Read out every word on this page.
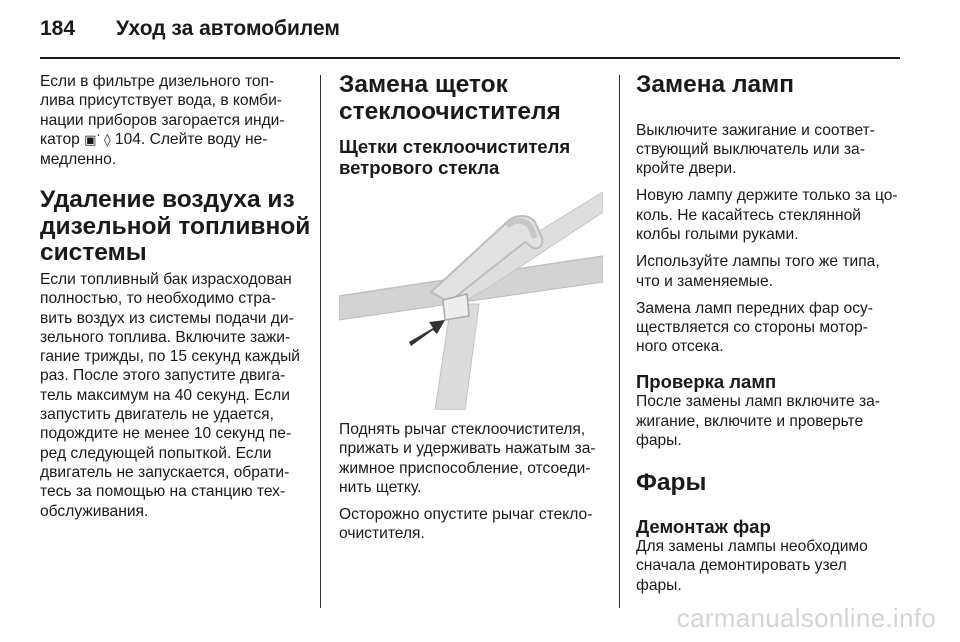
184 Уход за автомобилем

Если в фильтре дизельного топ-
лива присутствует вода, в комби-
нации приборов загорается инди-
катор ▣ᐝ ◊ 104. Слейте воду не-
медленно.

Удаление воздуха из
дизельной топливной
системы

Если топливный бак израсходован
полностью, то необходимо стра-
вить воздух из системы подачи ди-
зельного топлива. Включите зажи-
гание трижды, по 15 секунд каждый
раз. После этого запустите двига-
тель максимум на 40 секунд. Если
запустить двигатель не удается,
подождите не менее 10 секунд пе-
ред следующей попыткой. Если
двигатель не запускается, обрати-
тесь за помощью на станцию тех-
обслуживания.

Замена щеток
стеклоочистителя
Щетки стеклоочистителя
ветрового стекла

Поднять рычаг стеклоочистителя,
прижать и удерживать нажатым за-
жимное приспособление, отсоеди-
нить щетку.

Осторожно опустите рычаг стекло-
очистителя.

Замена ламп

Выключите зажигание и соответ-
ствующий выключатель или за-
кройте двери.

Новую лампу держите только за цо-
коль. Не касайтесь стеклянной
колбы голыми руками.

Используйте лампы того же типа,
что и заменяемые.

Замена ламп передних фар осу-
ществляется со стороны мотор-
ного отсека.

Проверка ламп

После замены ламп включите за-
жигание, включите и проверьте
фары.

Фары
Демонтаж фар

Для замены лампы необходимо
сначала демонтировать узел
фары.

carmanualsonline.info
